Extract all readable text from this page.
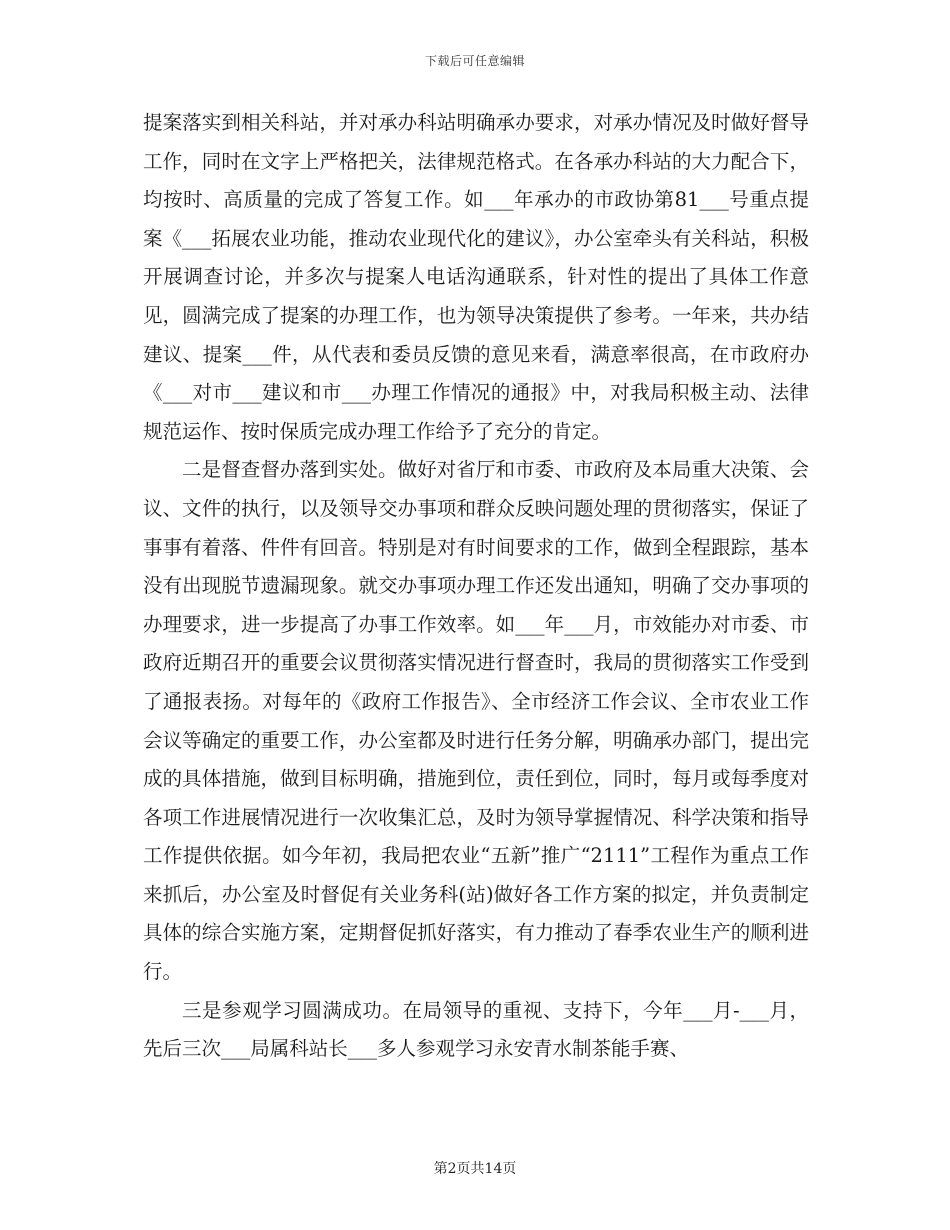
下载后可任意编辑

提案落实到相关科站，并对承办科站明确承办要求，对承办情况及时做好督导工作，同时在文字上严格把关，法律规范格式。在各承办科站的大力配合下，均按时、高质量的完成了答复工作。如___年承办的市政协第81___号重点提案《___拓展农业功能，推动农业现代化的建议》，办公室牵头有关科站，积极开展调查讨论，并多次与提案人电话沟通联系，针对性的提出了具体工作意见，圆满完成了提案的办理工作，也为领导决策提供了参考。一年来，共办结建议、提案___件，从代表和委员反馈的意见来看，满意率很高，在市政府办《___对市___建议和市___办理工作情况的通报》中，对我局积极主动、法律规范运作、按时保质完成办理工作给予了充分的肯定。

二是督查督办落到实处。做好对省厅和市委、市政府及本局重大决策、会议、文件的执行，以及领导交办事项和群众反映问题处理的贯彻落实，保证了事事有着落、件件有回音。特别是对有时间要求的工作，做到全程跟踪，基本没有出现脱节遗漏现象。就交办事项办理工作还发出通知，明确了交办事项的办理要求，进一步提高了办事工作效率。如___年___月，市效能办对市委、市政府近期召开的重要会议贯彻落实情况进行督查时，我局的贯彻落实工作受到了通报表扬。对每年的《政府工作报告》、全市经济工作会议、全市农业工作会议等确定的重要工作，办公室都及时进行任务分解，明确承办部门，提出完成的具体措施，做到目标明确，措施到位，责任到位，同时，每月或每季度对各项工作进展情况进行一次收集汇总，及时为领导掌握情况、科学决策和指导工作提供依据。如今年初，我局把农业“五新”推广“2111”工程作为重点工作来抓后，办公室及时督促有关业务科(站)做好各工作方案的拟定，并负责制定具体的综合实施方案，定期督促抓好落实，有力推动了春季农业生产的顺利进行。

三是参观学习圆满成功。在局领导的重视、支持下，今年___月-___月，先后三次___局属科站长___多人参观学习永安青水制茶能手赛、

第2页共14页
